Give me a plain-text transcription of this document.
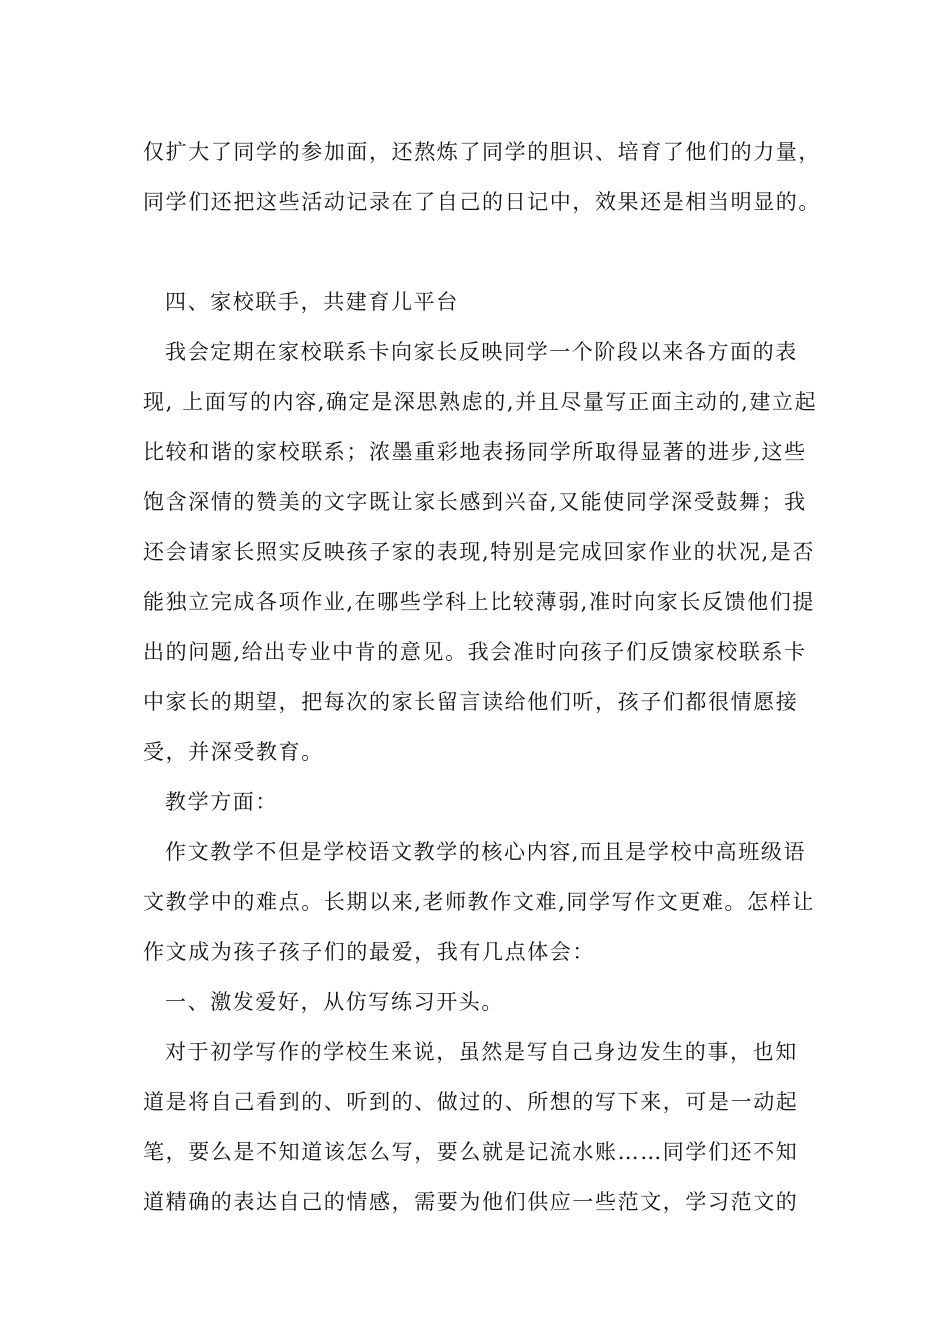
仅扩大了同学的参加面，还熬炼了同学的胆识、培育了他们的力量，
同学们还把这些活动记录在了自己的日记中，效果还是相当明显的。
四、家校联手，共建育儿平台
我会定期在家校联系卡向家长反映同学一个阶段以来各方面的表
现, 上面写的内容,确定是深思熟虑的,并且尽量写正面主动的,建立起
比较和谐的家校联系；浓墨重彩地表扬同学所取得显著的进步,这些
饱含深情的赞美的文字既让家长感到兴奋,又能使同学深受鼓舞；我
还会请家长照实反映孩子家的表现,特别是完成回家作业的状况,是否
能独立完成各项作业,在哪些学科上比较薄弱,准时向家长反馈他们提
出的问题,给出专业中肯的意见。我会准时向孩子们反馈家校联系卡
中家长的期望，把每次的家长留言读给他们听，孩子们都很情愿接
受，并深受教育。
教学方面：
作文教学不但是学校语文教学的核心内容,而且是学校中高班级语
文教学中的难点。长期以来,老师教作文难,同学写作文更难。怎样让
作文成为孩子孩子们的最爱，我有几点体会：
一、激发爱好，从仿写练习开头。
对于初学写作的学校生来说，虽然是写自己身边发生的事，也知
道是将自己看到的、听到的、做过的、所想的写下来，可是一动起
笔，要么是不知道该怎么写，要么就是记流水账……同学们还不知
道精确的表达自己的情感，需要为他们供应一些范文，学习范文的
